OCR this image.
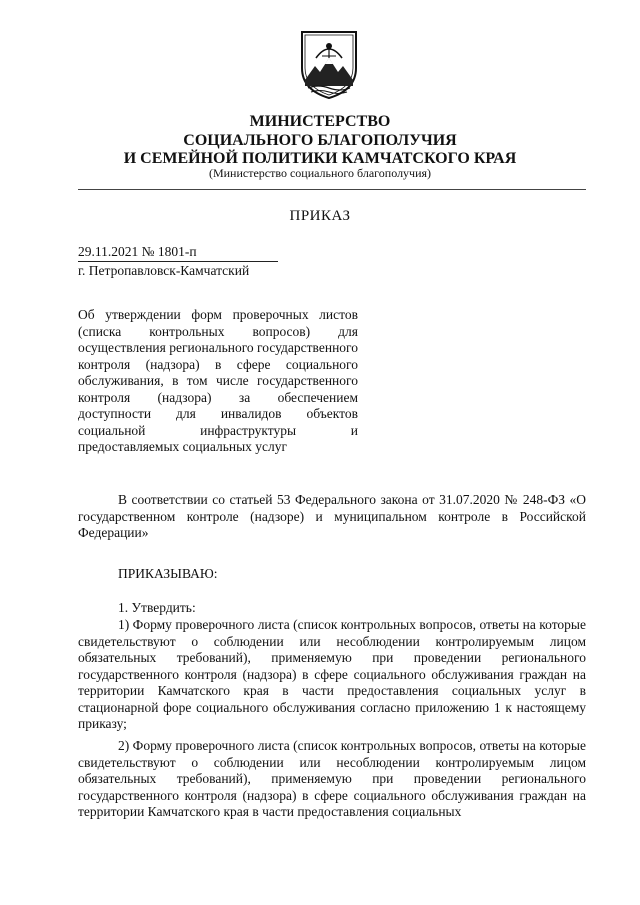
МИНИСТЕРСТВО
СОЦИАЛЬНОГО БЛАГОПОЛУЧИЯ
И СЕМЕЙНОЙ ПОЛИТИКИ КАМЧАТСКОГО КРАЯ
(Министерство социального благополучия)
ПРИКАЗ
29.11.2021 № 1801-п
г. Петропавловск-Камчатский
Об утверждении форм проверочных листов (списка контрольных вопросов) для осуществления регионального государственного контроля (надзора) в сфере социального обслуживания, в том числе государственного контроля (надзора) за обеспечением доступности для инвалидов объектов социальной инфраструктуры и предоставляемых социальных услуг
В соответствии со статьей 53 Федерального закона от 31.07.2020 № 248-ФЗ «О государственном контроле (надзоре) и муниципальном контроле в Российской Федерации»
ПРИКАЗЫВАЮ:
1. Утвердить:
1) Форму проверочного листа (список контрольных вопросов, ответы на которые свидетельствуют о соблюдении или несоблюдении контролируемым лицом обязательных требований), применяемую при проведении регионального государственного контроля (надзора) в сфере социального обслуживания граждан на территории Камчатского края в части предоставления социальных услуг в стационарной форе социального обслуживания согласно приложению 1 к настоящему приказу;
2) Форму проверочного листа (список контрольных вопросов, ответы на которые свидетельствуют о соблюдении или несоблюдении контролируемым лицом обязательных требований), применяемую при проведении регионального государственного контроля (надзора) в сфере социального обслуживания граждан на территории Камчатского края в части предоставления социальных
